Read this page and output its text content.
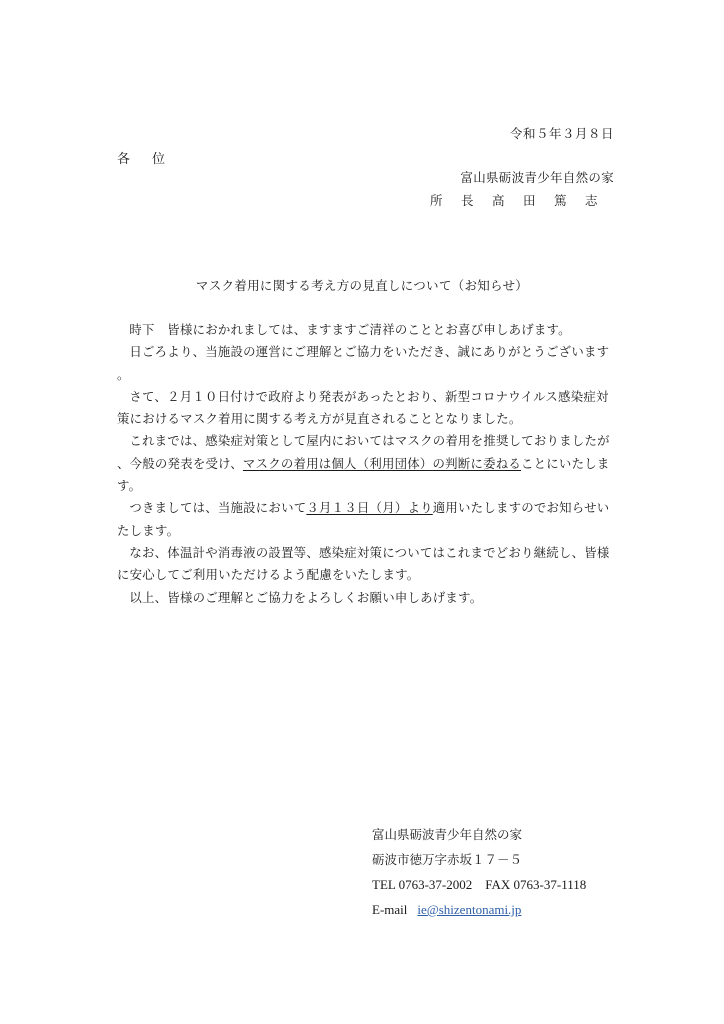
令和５年３月８日
各位
富山県砺波青少年自然の家
所長高田篤志
マスク着用に関する考え方の見直しについて（お知らせ）

時下　皆様におかれましては、ますますご清祥のこととお喜び申しあげます。

日ごろより、当施設の運営にご理解とご協力をいただき、誠にありがとうございます。

さて、２月１０日付けで政府より発表があったとおり、新型コロナウイルス感染症対策におけるマスク着用に関する考え方が見直されることとなりました。

これまでは、感染症対策として屋内においてはマスクの着用を推奨しておりましたが、今般の発表を受け、マスクの着用は個人（利用団体）の判断に委ねることにいたします。

つきましては、当施設において３月１３日（月）より適用いたしますのでお知らせいたします。

なお、体温計や消毒液の設置等、感染症対策についてはこれまでどおり継続し、皆様に安心してご利用いただけるよう配慮をいたします。

以上、皆様のご理解とご協力をよろしくお願い申しあげます。

富山県砺波青少年自然の家
砺波市徳万字赤坂１７－５
TEL 0763-37-2002　FAX 0763-37-1118
E-mail ie@shizentonami.jp
